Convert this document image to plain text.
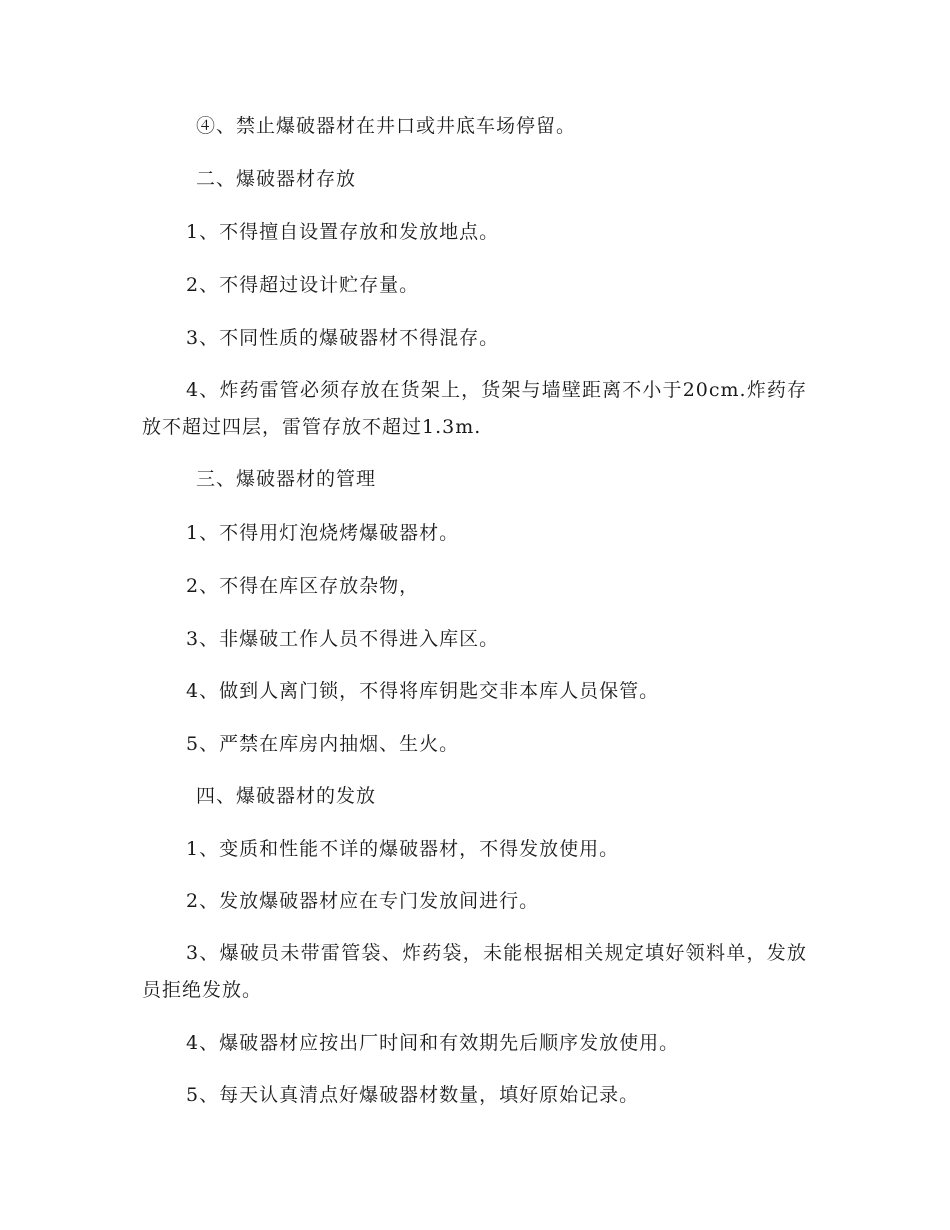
④、禁止爆破器材在井口或井底车场停留。
二、爆破器材存放
1、不得擅自设置存放和发放地点。
2、不得超过设计贮存量。
3、不同性质的爆破器材不得混存。
4、炸药雷管必须存放在货架上，货架与墙壁距离不小于20cm.炸药存放不超过四层，雷管存放不超过1.3m.
三、爆破器材的管理
1、不得用灯泡烧烤爆破器材。
2、不得在库区存放杂物，
3、非爆破工作人员不得进入库区。
4、做到人离门锁，不得将库钥匙交非本库人员保管。
5、严禁在库房内抽烟、生火。
四、爆破器材的发放
1、变质和性能不详的爆破器材，不得发放使用。
2、发放爆破器材应在专门发放间进行。
3、爆破员未带雷管袋、炸药袋，未能根据相关规定填好领料单，发放员拒绝发放。
4、爆破器材应按出厂时间和有效期先后顺序发放使用。
5、每天认真清点好爆破器材数量，填好原始记录。
